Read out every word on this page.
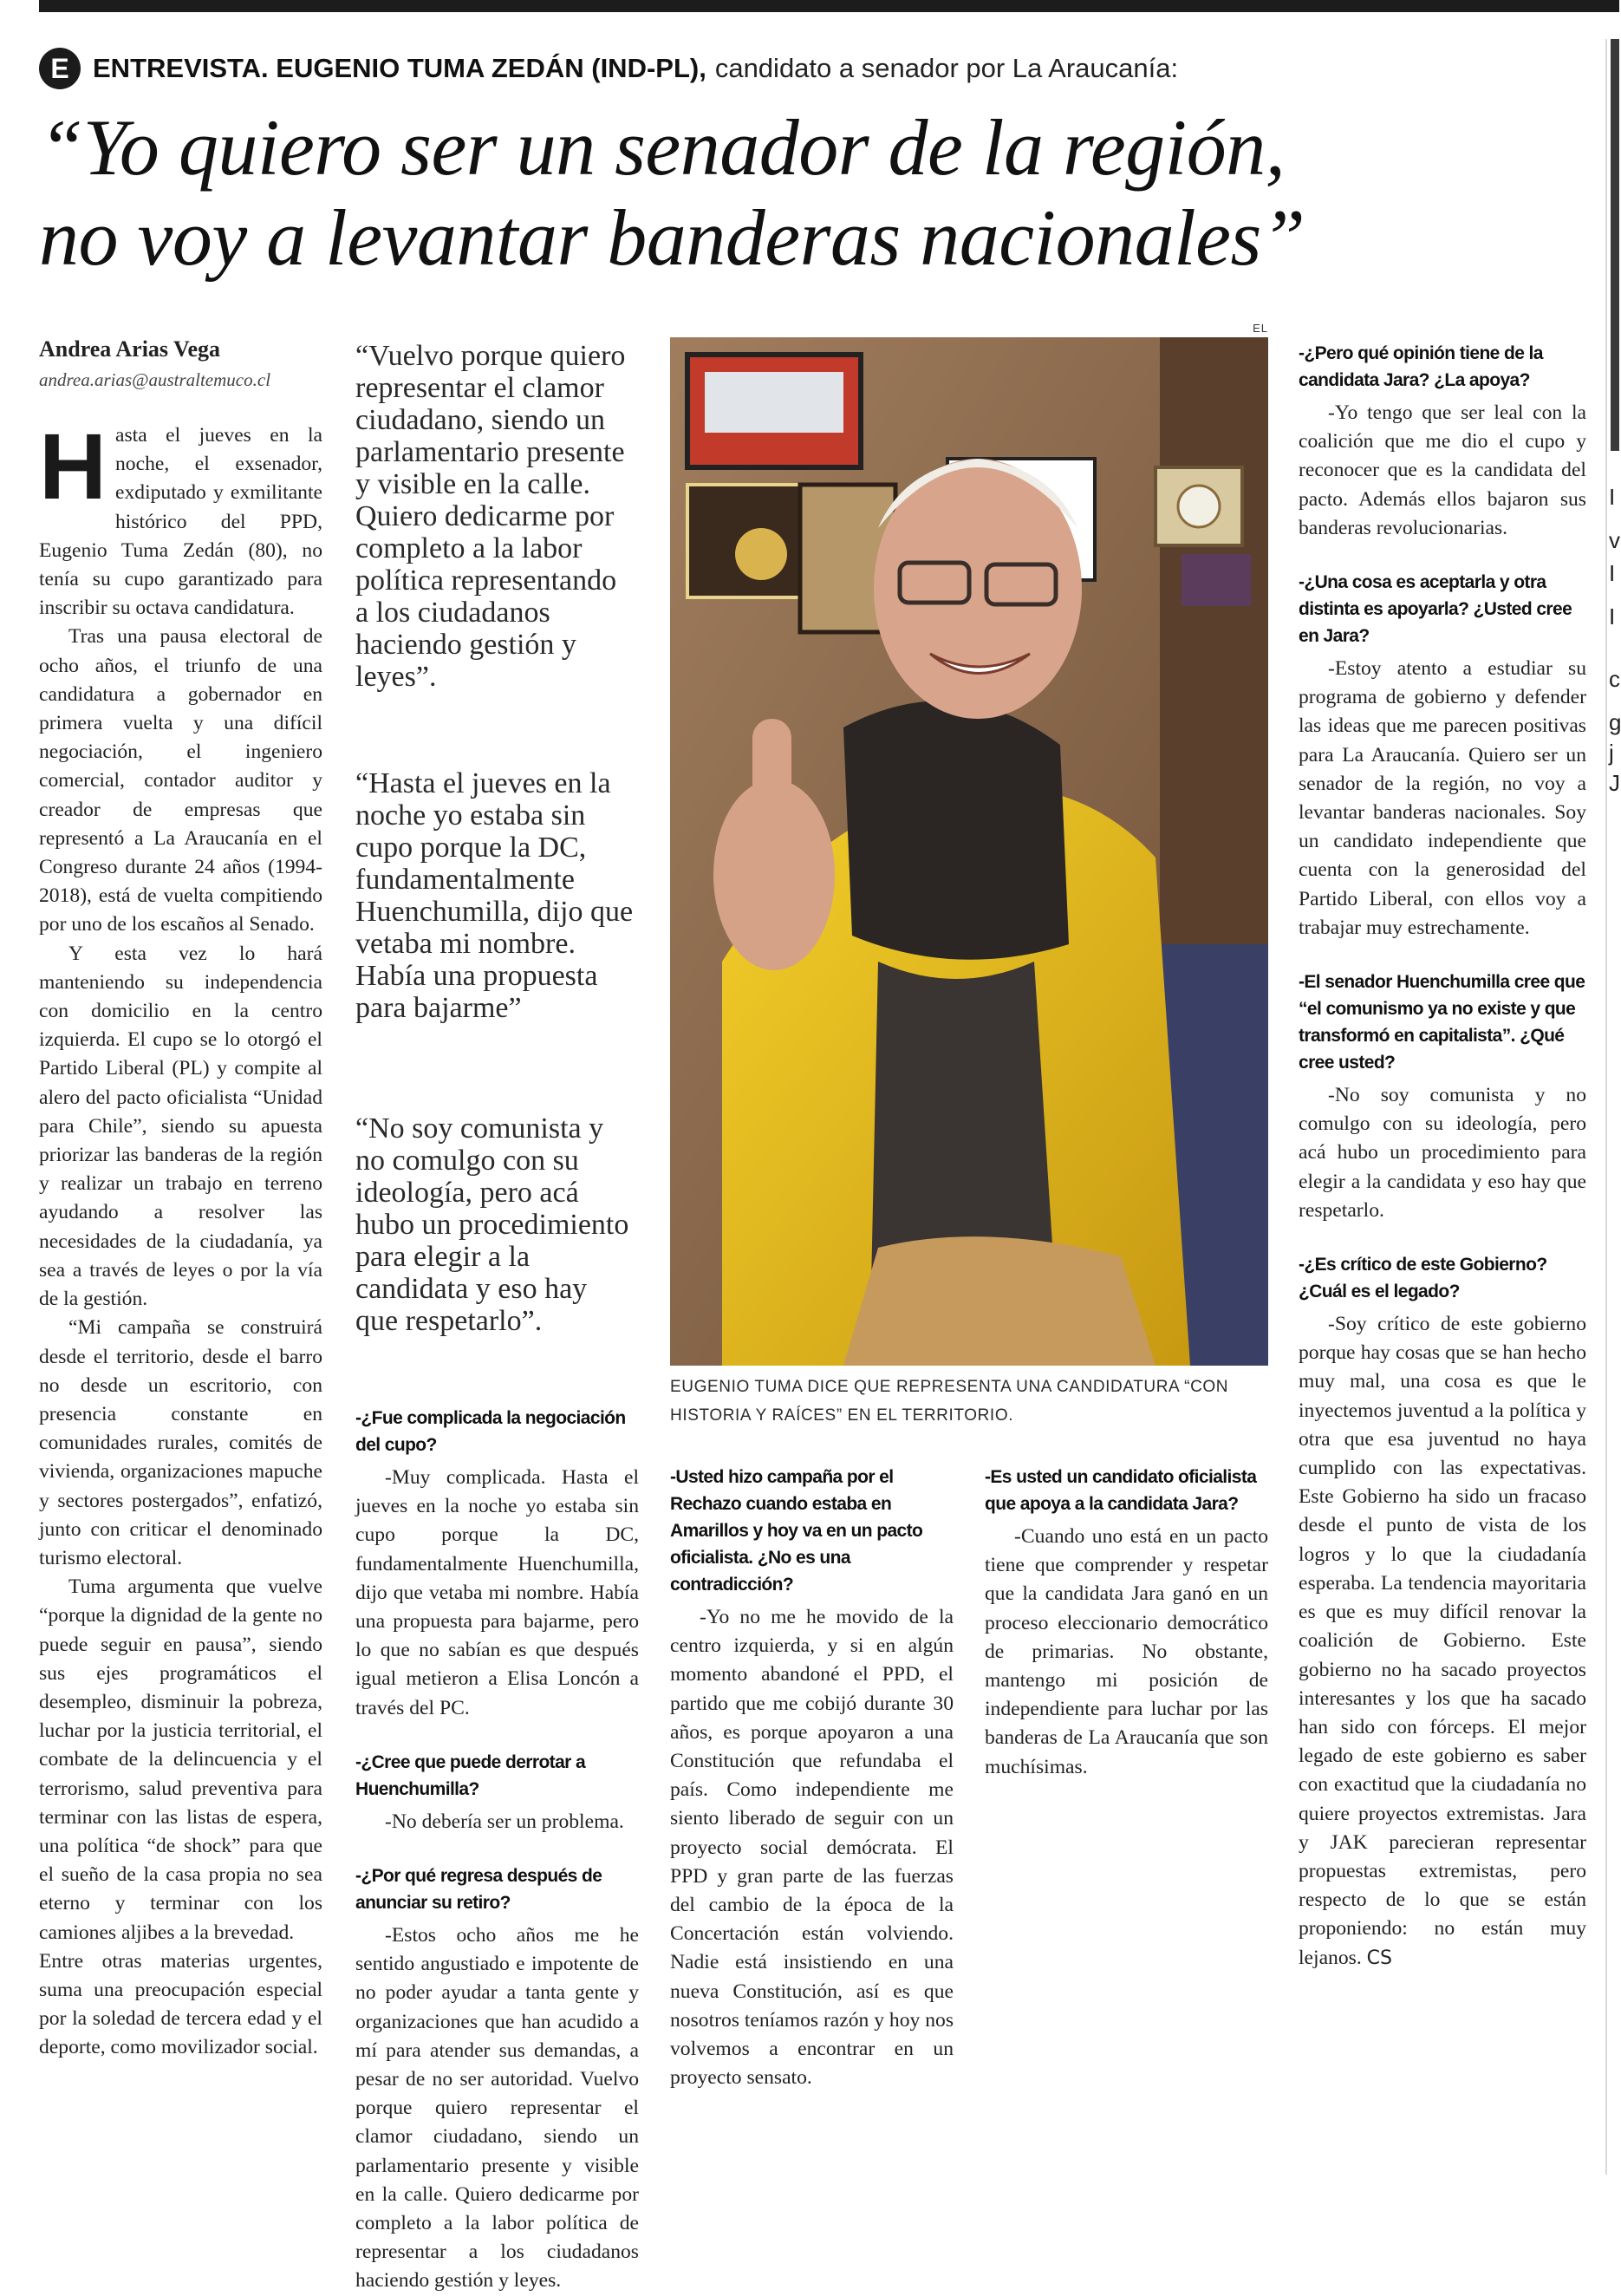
I
v
I
I
c
g
j
J
E ENTREVISTA. EUGENIO TUMA ZEDÁN (IND-PL), candidato a senador por La Araucanía:
“Yo quiero ser un senador de la región,
no voy a levantar banderas nacionales”
Andrea Arias Vega
andrea.arias@australtemuco.cl

Hasta el jueves en la noche, el exsenador, exdiputado y exmilitante histórico del PPD, Eugenio Tuma Zedán (80), no tenía su cupo garantizado para inscribir su octava candidatura.

Tras una pausa electoral de ocho años, el triunfo de una candidatura a gobernador en primera vuelta y una difícil negociación, el ingeniero comercial, contador auditor y creador de empresas que representó a La Araucanía en el Congreso durante 24 años (1994-2018), está de vuelta compitiendo por uno de los escaños al Senado.

Y esta vez lo hará manteniendo su independencia con domicilio en la centro izquierda. El cupo se lo otorgó el Partido Liberal (PL) y compite al alero del pacto oficialista “Unidad para Chile”, siendo su apuesta priorizar las banderas de la región y realizar un trabajo en terreno ayudando a resolver las necesidades de la ciudadanía, ya sea a través de leyes o por la vía de la gestión.

“Mi campaña se construirá desde el territorio, desde el barro no desde un escritorio, con presencia constante en comunidades rurales, comités de vivienda, organizaciones mapuche y sectores postergados”, enfatizó, junto con criticar el denominado turismo electoral.

Tuma argumenta que vuelve “porque la dignidad de la gente no puede seguir en pausa”, siendo sus ejes programáticos el desempleo, disminuir la pobreza, luchar por la justicia territorial, el combate de la delincuencia y el terrorismo, salud preventiva para terminar con las listas de espera, una política “de shock” para que el sueño de la casa propia no sea eterno y terminar con los camiones aljibes a la brevedad.

Entre otras materias urgentes, suma una preocupación especial por la soledad de tercera edad y el deporte, como movilizador social.

“Vuelvo porque quiero representar el clamor ciudadano, siendo un parlamentario presente y visible en la calle. Quiero dedicarme por completo a la labor política representando a los ciudadanos haciendo gestión y leyes”.

“Hasta el jueves en la noche yo estaba sin cupo porque la DC, fundamentalmente Huenchumilla, dijo que vetaba mi nombre. Había una propuesta para bajarme”

“No soy comunista y no comulgo con su ideología, pero acá hubo un procedimiento para elegir a la candidata y eso hay que respetarlo”.

EL

EUGENIO TUMA DICE QUE REPRESENTA UNA CANDIDATURA “CON HISTORIA Y RAÍCES” EN EL TERRITORIO.

-¿Fue complicada la negociación del cupo?

-Muy complicada. Hasta el jueves en la noche yo estaba sin cupo porque la DC, fundamentalmente Huenchumilla, dijo que vetaba mi nombre. Había una propuesta para bajarme, pero lo que no sabían es que después igual metieron a Elisa Loncón a través del PC.

-¿Cree que puede derrotar a Huenchumilla?

-No debería ser un problema.

-¿Por qué regresa después de anunciar su retiro?

-Estos ocho años me he sentido angustiado e impotente de no poder ayudar a tanta gente y organizaciones que han acudido a mí para atender sus demandas, a pesar de no ser autoridad. Vuelvo porque quiero representar el clamor ciudadano, siendo un parlamentario presente y visible en la calle. Quiero dedicarme por completo a la labor política de representar a los ciudadanos haciendo gestión y leyes.

-Usted hizo campaña por el Rechazo cuando estaba en Amarillos y hoy va en un pacto oficialista. ¿No es una contradicción?

-Yo no me he movido de la centro izquierda, y si en algún momento abandoné el PPD, el partido que me cobijó durante 30 años, es porque apoyaron a una Constitución que refundaba el país. Como independiente me siento liberado de seguir con un proyecto social demócrata. El PPD y gran parte de las fuerzas del cambio de la época de la Concertación están volviendo. Nadie está insistiendo en una nueva Constitución, así es que nosotros teníamos razón y hoy nos volvemos a encontrar en un proyecto sensato.

-Es usted un candidato oficialista que apoya a la candidata Jara?

-Cuando uno está en un pacto tiene que comprender y respetar que la candidata Jara ganó en un proceso eleccionario democrático de primarias. No obstante, mantengo mi posición de independiente para luchar por las banderas de La Araucanía que son muchísimas.

-¿Pero qué opinión tiene de la candidata Jara? ¿La apoya?

-Yo tengo que ser leal con la coalición que me dio el cupo y reconocer que es la candidata del pacto. Además ellos bajaron sus banderas revolucionarias.

-¿Una cosa es aceptarla y otra distinta es apoyarla? ¿Usted cree en Jara?

-Estoy atento a estudiar su programa de gobierno y defender las ideas que me parecen positivas para La Araucanía. Quiero ser un senador de la región, no voy a levantar banderas nacionales. Soy un candidato independiente que cuenta con la generosidad del Partido Liberal, con ellos voy a trabajar muy estrechamente.

-El senador Huenchumilla cree que “el comunismo ya no existe y que transformó en capitalista”. ¿Qué cree usted?

-No soy comunista y no comulgo con su ideología, pero acá hubo un procedimiento para elegir a la candidata y eso hay que respetarlo.

-¿Es crítico de este Gobierno? ¿Cuál es el legado?

-Soy crítico de este gobierno porque hay cosas que se han hecho muy mal, una cosa es que le inyectemos juventud a la política y otra que esa juventud no haya cumplido con las expectativas. Este Gobierno ha sido un fracaso desde el punto de vista de los logros y lo que la ciudadanía esperaba. La tendencia mayoritaria es que es muy difícil renovar la coalición de Gobierno. Este gobierno no ha sacado proyectos interesantes y los que ha sacado han sido con fórceps. El mejor legado de este gobierno es saber con exactitud que la ciudadanía no quiere proyectos extremistas. Jara y JAK parecieran representar propuestas extremistas, pero respecto de lo que se están proponiendo: no están muy lejanos. CS
